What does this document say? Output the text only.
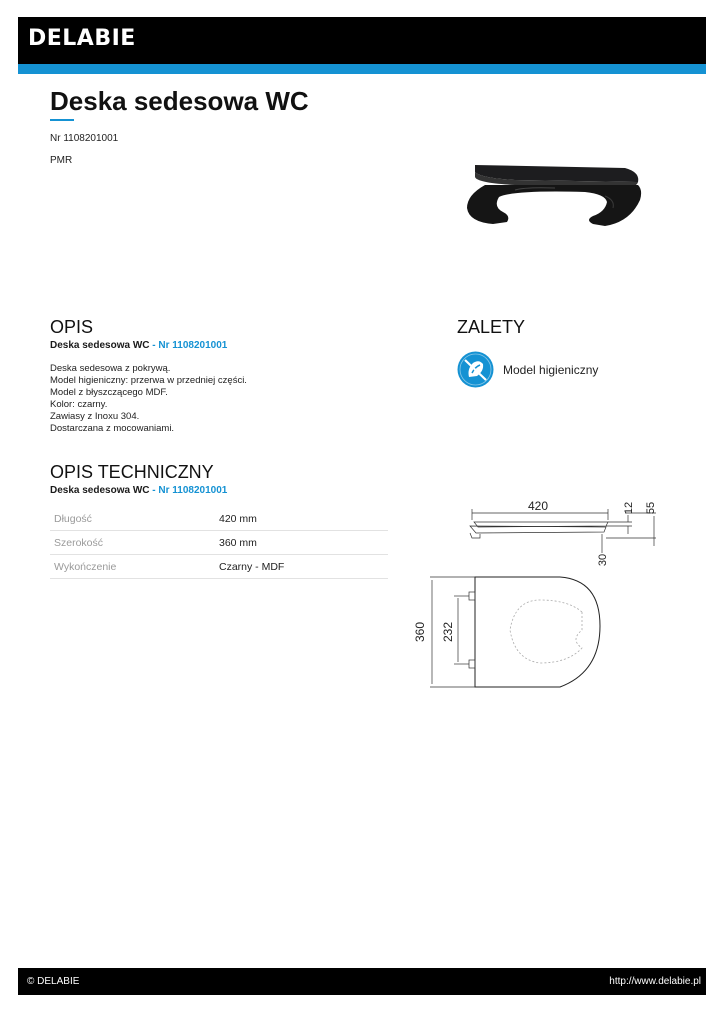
DELABIE
Deska sedesowa WC
Nr 1108201001
PMR
OPIS
Deska sedesowa WC - Nr 1108201001
Deska sedesowa z pokrywą.
Model higieniczny: przerwa w przedniej części.
Model z błyszczącego MDF.
Kolor: czarny.
Zawiasy z Inoxu 304.
Dostarczana z mocowaniami.
ZALETY
Model higieniczny
OPIS TECHNICZNY
Deska sedesowa WC - Nr 1108201001
Długość	420 mm
Szerokość	360 mm
Wykończenie	Czarny - MDF
420	12 55
30
360 232
© DELABIE	http://www.delabie.pl
